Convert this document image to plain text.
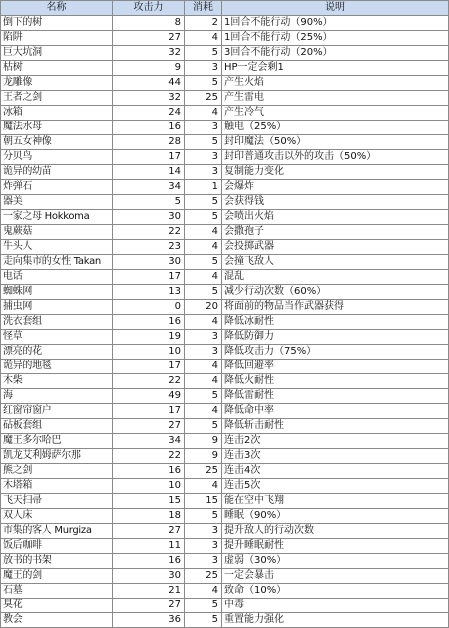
名称	攻击力	消耗	说明
倒下的树	8	2	1回合不能行动（90%）
陷阱	27	4	1回合不能行动（25%）
巨大坑洞	32	5	3回合不能行动（20%）
枯树	9	3	HP一定会剩1
龙雕像	44	5	产生火焰
王者之剑	32	25	产生雷电
冰箱	24	4	产生冷气
魔法水母	16	3	触电（25%）
朝五女神像	28	5	封印魔法（50%）
分贝鸟	17	3	封印普通攻击以外的攻击（50%）
诡异的幼苗	14	3	复制能力变化
炸弹石	34	1	会爆炸
器美	5	5	会获得钱
一家之母 Hokkoma	30	5	会喷出火焰
鬼蕨菇	22	4	会撒孢子
牛头人	23	4	会投掷武器
走向集市的女性 Takan	30	5	会撞飞敌人
电话	17	4	混乱
蜘蛛网	13	5	减少行动次数（60%）
捕虫网	0	20	将面前的物品当作武器获得
洗衣套组	16	4	降低冰耐性
怪草	19	3	降低防御力
漂亮的花	10	3	降低攻击力（75%）
诡异的地毯	17	4	降低回避率
木柴	22	4	降低火耐性
海	49	5	降低雷耐性
红窗帘窗户	17	4	降低命中率
砧板套组	27	5	降低斩击耐性
魔王多尔哈巴	34	9	连击2次
凯龙艾利姆萨尔那	22	9	连击3次
熊之剑	16	25	连击4次
木塔箱	10	4	连击5次
飞天扫帚	15	15	能在空中飞翔
双人床	18	5	睡眠（90%）
市集的客人 Murgiza	27	3	提升敌人的行动次数
饭后咖啡	11	3	提升睡眠耐性
放书的书架	16	3	虚弱（30%）
魔王的剑	30	25	一定会暴击
石墓	21	4	致命（10%）
臭花	27	5	中毒
教会	36	5	重置能力强化
